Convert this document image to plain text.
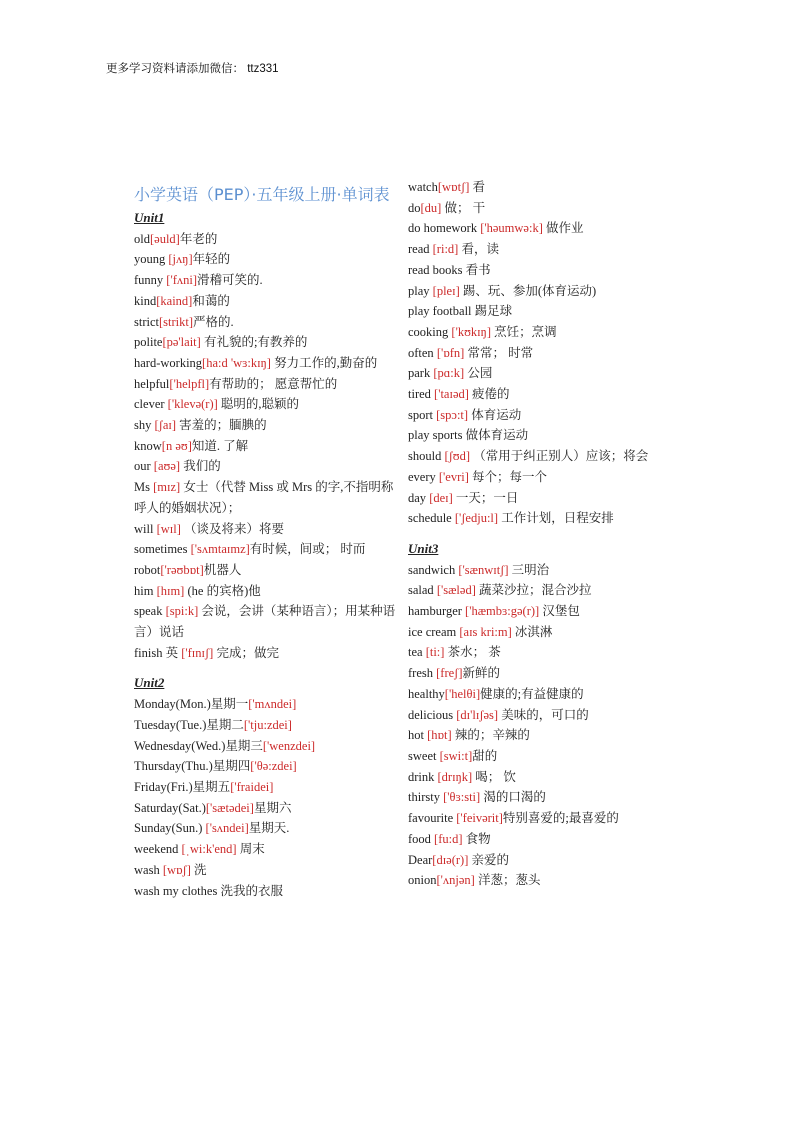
更多学习资料请添加微信： ttz331
小学英语（PEP）·五年级上册·单词表
Unit1
old[əuld]年老的
young [jʌŋ]年轻的
funny ['fʌni]滑稽可笑的.
kind[kaind]和蔼的
strict[strikt]严格的.
polite[pə'lait] 有礼貌的;有教养的
hard-working[ha:d 'wɜ:kɪŋ] 努力工作的,勤奋的
helpful['helpfl]有帮助的； 愿意帮忙的
clever ['klevə(r)] 聪明的,聪颖的
shy [ʃaɪ] 害羞的；腼腆的
know[n əʊ]知道. 了解
our [aʊə] 我们的
Ms [mɪz] 女士（代替 Miss 或 Mrs 的字,不指明称呼人的婚姻状况）；
will [wɪl] （谈及将来）将要
sometimes ['sʌmtaɪmz]有时候，间或； 时而
robot['rəʊbɒt]机器人
him [hɪm] (he 的宾格)他
speak [spi:k] 会说，会讲（某种语言）；用某种语言）说话
finish 英 ['fɪnɪʃ] 完成；做完
Unit2
Monday(Mon.)星期一['mʌndei]
Tuesday(Tue.)星期二['tju:zdei]
Wednesday(Wed.)星期三['wenzdei]
Thursday(Thu.)星期四['θə:zdei]
Friday(Fri.)星期五['fraidei]
Saturday(Sat.)['sætədei]星期六
Sunday(Sun.) ['sʌndei]星期天.
weekend [ˌwi:k'end] 周末
wash [wɒʃ] 洗
wash my clothes 洗我的衣服
watch[wɒtʃ] 看
do[du] 做； 干
do homework ['həumwə:k] 做作业
read [ri:d] 看，读
read books 看书
play [pleɪ] 踢、玩、参加(体育运动)
play football 踢足球
cooking ['kʊkɪŋ] 烹饪；烹调
often ['ɒfn] 常常； 时常
park [pɑ:k] 公园
tired ['taɪəd] 疲倦的
sport [spɔ:t] 体育运动
play sports 做体育运动
should [ʃʊd] （常用于纠正别人）应该；将会
every ['evri] 每个；每一个
day [deɪ] 一天；一日
schedule ['ʃedju:l] 工作计划，日程安排
Unit3
sandwich ['sænwɪtʃ] 三明治
salad ['sæləd] 蔬菜沙拉；混合沙拉
hamburger ['hæmbɜ:gə(r)] 汉堡包
ice cream [aɪs kri:m] 冰淇淋
tea [ti:] 茶水； 茶
fresh [freʃ]新鲜的
healthy['helθi]健康的;有益健康的
delicious [dɪ'lɪʃəs] 美味的，可口的
hot [hɒt] 辣的；辛辣的
sweet [swi:t]甜的
drink [drɪŋk] 喝； 饮
thirsty ['θɜ:sti] 渴的口渴的
favourite ['feivərit]特别喜爱的;最喜爱的
food [fu:d] 食物
Dear[dɪə(r)] 亲爱的
onion['ʌnjən] 洋葱；葱头
